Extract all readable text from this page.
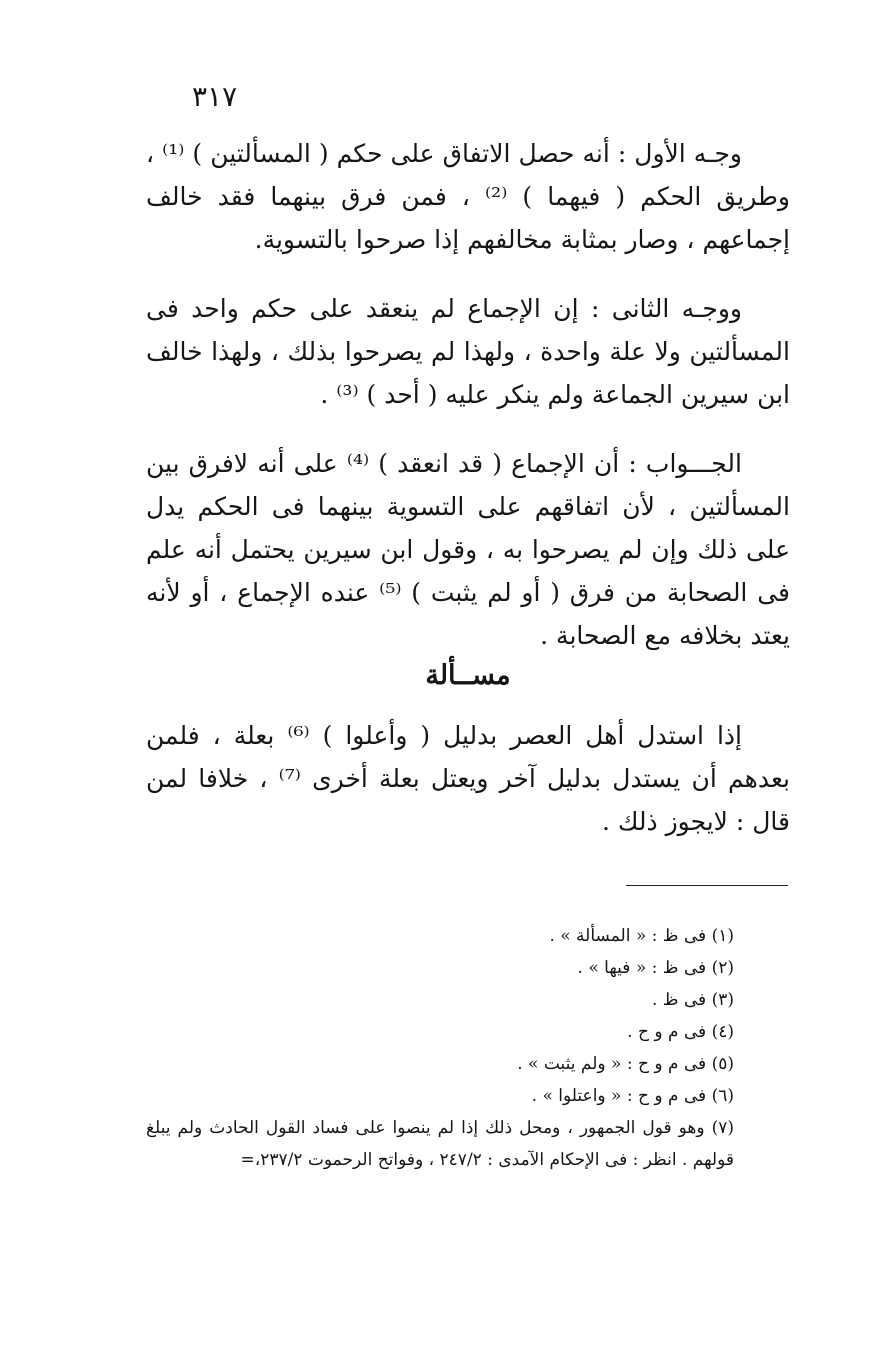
٣١٧
وجـه الأول : أنه حصل الاتفاق على حكم ( المسألتين ) ⁽¹⁾ ، وطريق الحكم ( فيهما ) ⁽²⁾ ، فمن فرق بينهما فقد خالف إجماعهم ، وصار بمثابة مخالفهم إذا صرحوا بالتسوية.
ووجـه الثانى : إن الإجماع لم ينعقد على حكم واحد فى المسألتين ولا علة واحدة ، ولهذا لم يصرحوا بذلك ، ولهذا خالف ابن سيرين الجماعة ولم ينكر عليه ( أحد ) ⁽³⁾ .
الجـــواب : أن الإجماع ( قد انعقد ) ⁽⁴⁾ على أنه لافرق بين المسألتين ، لأن اتفاقهم على التسوية بينهما فى الحكم يدل على ذلك وإن لم يصرحوا به ، وقول ابن سيرين يحتمل أنه علم فى الصحابة من فرق ( أو لم يثبت ) ⁽⁵⁾ عنده الإجماع ، أو لأنه يعتد بخلافه مع الصحابة .
مســألة
إذا استدل أهل العصر بدليل ( وأعلوا ) ⁽⁶⁾ بعلة ، فلمن بعدهم أن يستدل بدليل آخر ويعتل بعلة أخرى ⁽⁷⁾ ، خلافا لمن قال : لايجوز ذلك .
(١) فى ظ : « المسألة » .
(٢) فى ظ : « فيها » .
(٣) فى ظ .
(٤) فى م و ح .
(٥) فى م و ح : « ولم يثبت » .
(٦) فى م و ح : « واعتلوا » .
(٧) وهو قول الجمهور ، ومحل ذلك إذا لم ينصوا على فساد القول الحادث ولم يبلغ قولهم . انظر : فى الإحكام الآمدى : ٢٤٧/٢ ، وفواتح الرحموت ٢٣٧/٢،=
